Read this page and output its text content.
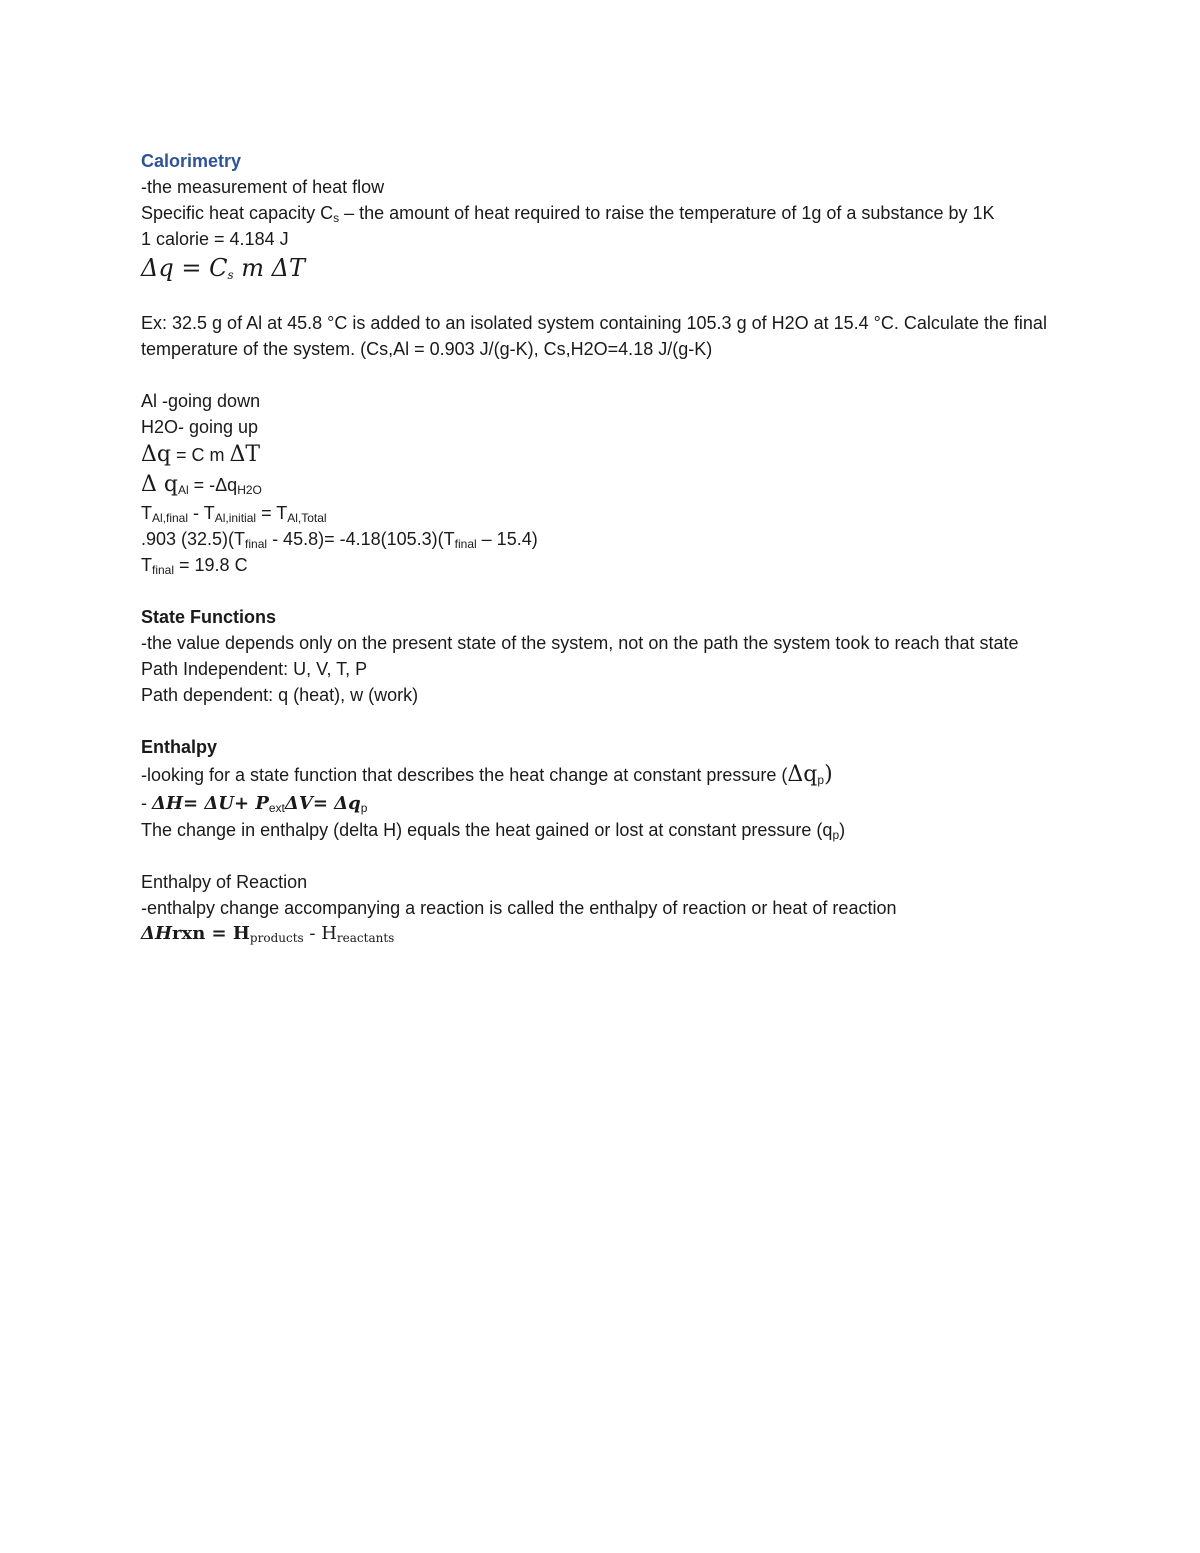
Calorimetry
-the measurement of heat flow
Specific heat capacity $C_s$ – the amount of heat required to raise the temperature of 1g of a substance by 1K
1 calorie = 4.184 J
$\Delta q = C_s$ m ΔT
Ex: 32.5 g of Al at 45.8 °C is added to an isolated system containing 105.3 g of H2O at 15.4 °C. Calculate the final temperature of the system. (Cs,Al = 0.903 J/(g-K), Cs,H2O=4.18 J/(g-K)
Al -going down
H2O- going up
Δq = C m ΔT
Δ $q_{Al} = -\Delta q_{H2O}$
$T_{Al,final} - T_{Al,initial} = T_{Al,Total}$
.903 $(32.5)(T_{final} - 45.8)= -4.18(105.3)(T_{final} - 15.4)$
$T_{final} = 19.8$ C
State Functions
-the value depends only on the present state of the system, not on the path the system took to reach that state
Path Independent: U, V, T, P
Path dependent: q (heat), w (work)
Enthalpy
-looking for a state function that describes the heat change at constant pressure $(\Delta q_p)$
- $\Delta H= \Delta U+ P_{ext}\Delta V= \Delta q_p$
The change in enthalpy (delta H) equals the heat gained or lost at constant pressure $(q_p)$
Enthalpy of Reaction
-enthalpy change accompanying a reaction is called the enthalpy of reaction or heat of reaction
ΔHrxn = $H_{products} - H_{reactants}$
